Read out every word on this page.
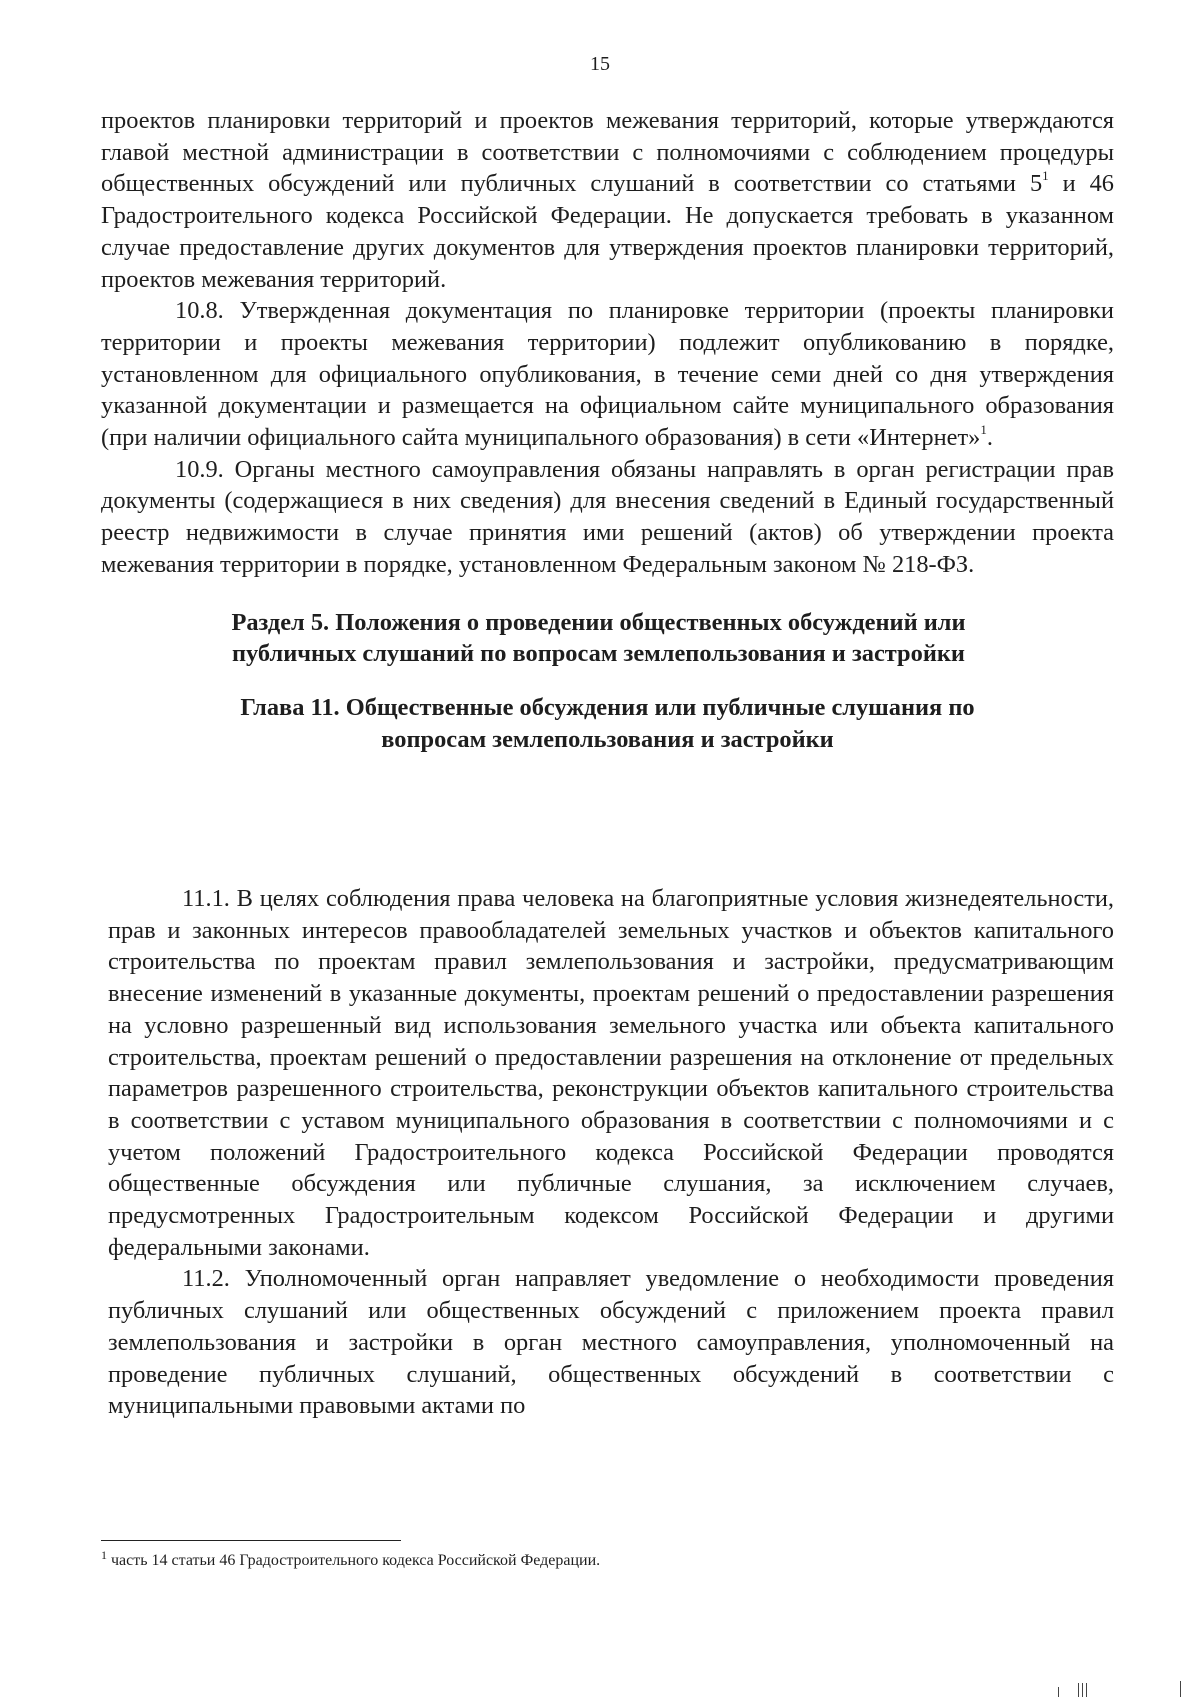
15

проектов планировки территорий и проектов межевания территорий, которые утверждаются главой местной администрации в соответствии с полномочиями с соблюдением процедуры общественных обсуждений или публичных слушаний в соответствии со статьями $5^1$ и 46 Градостроительного кодекса Российской Федерации. Не допускается требовать в указанном случае предоставление других документов для утверждения проектов планировки территорий, проектов межевания территорий.

10.8. Утвержденная документация по планировке территории (проекты планировки территории и проекты межевания территории) подлежит опубликованию в порядке, установленном для официального опубликования, в течение семи дней со дня утверждения указанной документации и размещается на официальном сайте муниципального образования (при наличии официального сайта муниципального образования) в сети «Интернет»$^1$.

10.9. Органы местного самоуправления обязаны направлять в орган регистрации прав документы (содержащиеся в них сведения) для внесения сведений в Единый государственный реестр недвижимости в случае принятия ими решений (актов) об утверждении проекта межевания территории в порядке, установленном Федеральным законом № 218-ФЗ.

Раздел 5. Положения о проведении общественных обсуждений или
публичных слушаний по вопросам землепользования и застройки

Глава 11. Общественные обсуждения или публичные слушания по
вопросам землепользования и застройки

11.1. В целях соблюдения права человека на благоприятные условия жизнедеятельности, прав и законных интересов правообладателей земельных участков и объектов капитального строительства по проектам правил землепользования и застройки, предусматривающим внесение изменений в указанные документы, проектам решений о предоставлении разрешения на условно разрешенный вид использования земельного участка или объекта капитального строительства, проектам решений о предоставлении разрешения на отклонение от предельных параметров разрешенного строительства, реконструкции объектов капитального строительства в соответствии с уставом муниципального образования в соответствии с полномочиями и с учетом положений Градостроительного кодекса Российской Федерации проводятся общественные обсуждения или публичные слушания, за исключением случаев, предусмотренных Градостроительным кодексом Российской Федерации и другими федеральными законами.

11.2. Уполномоченный орган направляет уведомление о необходимости проведения публичных слушаний или общественных обсуждений с приложением проекта правил землепользования и застройки в орган местного самоуправления, уполномоченный на проведение публичных слушаний, общественных обсуждений в соответствии с муниципальными правовыми актами по

$^1$ часть 14 статьи 46 Градостроительного кодекса Российской Федерации.
